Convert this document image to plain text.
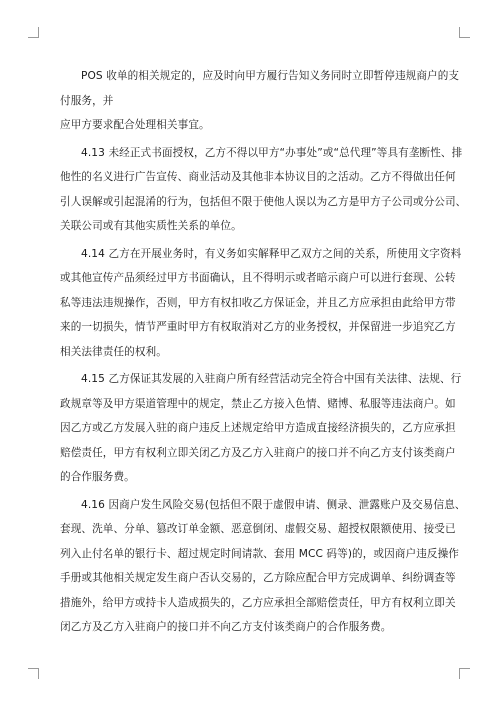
POS 收单的相关规定的，应及时向甲方履行告知义务同时立即暂停违规商户的支
付服务，并

应甲方要求配合处理相关事宜。

4.13 未经正式书面授权，乙方不得以甲方“办事处”或“总代理”等具有垄断性、排
他性的名义进行广告宣传、商业活动及其他非本协议目的之活动。乙方不得做出任何
引人误解或引起混淆的行为，包括但不限于使他人误以为乙方是甲方子公司或分公司、
关联公司或有其他实质性关系的单位。

4.14 乙方在开展业务时，有义务如实解释甲乙双方之间的关系，所使用文字资料
或其他宣传产品须经过甲方书面确认，且不得明示或者暗示商户可以进行套现、公转
私等违法违规操作，否则，甲方有权扣收乙方保证金，并且乙方应承担由此给甲方带
来的一切损失，情节严重时甲方有权取消对乙方的业务授权，并保留进一步追究乙方
相关法律责任的权利。

4.15 乙方保证其发展的入驻商户所有经营活动完全符合中国有关法律、法规、行
政规章等及甲方渠道管理中的规定，禁止乙方接入色情、赌博、私服等违法商户。如
因乙方或乙方发展入驻的商户违反上述规定给甲方造成直接经济损失的，乙方应承担
赔偿责任，甲方有权利立即关闭乙方及乙方入驻商户的接口并不向乙方支付该类商户
的合作服务费。

4.16 因商户发生风险交易(包括但不限于虚假申请、侧录、泄露账户及交易信息、
套现、洗单、分单、篡改订单金额、恶意倒闭、虚假交易、超授权限额使用、接受已
列入止付名单的银行卡、超过规定时间请款、套用 MCC 码等)的，或因商户违反操作
手册或其他相关规定发生商户否认交易的，乙方除应配合甲方完成调单、纠纷调查等
措施外，给甲方或持卡人造成损失的，乙方应承担全部赔偿责任，甲方有权利立即关
闭乙方及乙方入驻商户的接口并不向乙方支付该类商户的合作服务费。
